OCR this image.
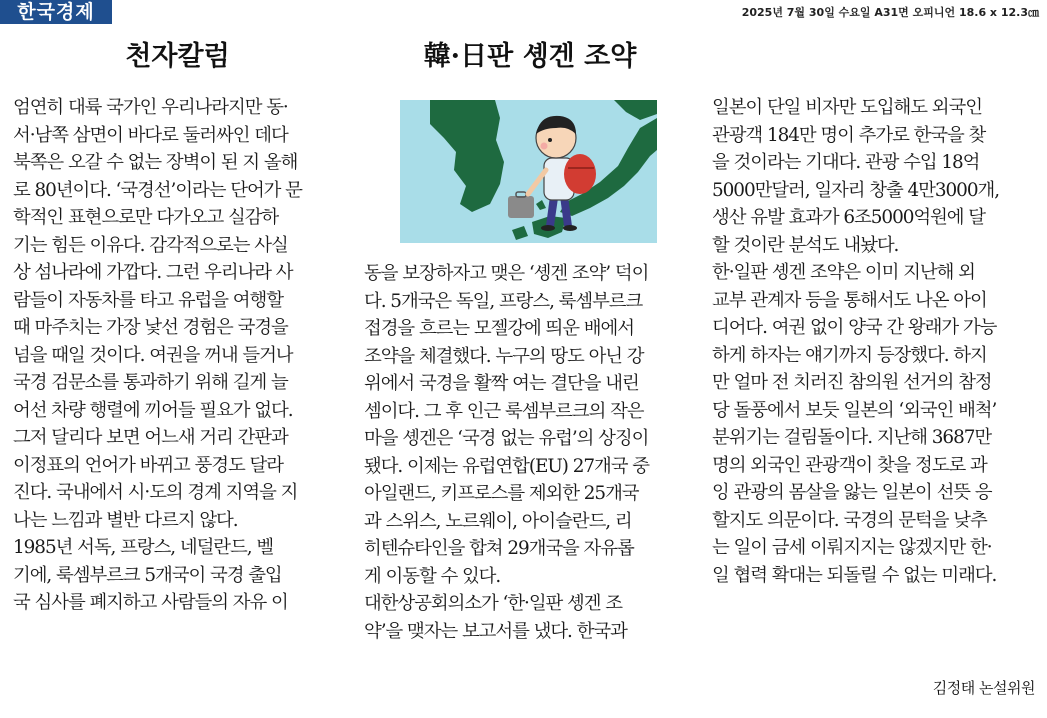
한국경제	2025년 7월 30일 수요일 A31면 오피니언 18.6 x 12.3㎝
천자칼럼	韓·日판 솅겐 조약
엄연히 대륙 국가인 우리나라지만 동·
서·남쪽 삼면이 바다로 둘러싸인 데다
북쪽은 오갈 수 없는 장벽이 된 지 올해
로 80년이다. ‘국경선’이라는 단어가 문
학적인 표현으로만 다가오고 실감하
기는 힘든 이유다. 감각적으로는 사실
상 섬나라에 가깝다. 그런 우리나라 사
람들이 자동차를 타고 유럽을 여행할
때 마주치는 가장 낯선 경험은 국경을
넘을 때일 것이다. 여권을 꺼내 들거나
국경 검문소를 통과하기 위해 길게 늘
어선 차량 행렬에 끼어들 필요가 없다.
그저 달리다 보면 어느새 거리 간판과
이정표의 언어가 바뀌고 풍경도 달라
진다. 국내에서 시·도의 경계 지역을 지
나는 느낌과 별반 다르지 않다.
1985년 서독, 프랑스, 네덜란드, 벨
기에, 룩셈부르크 5개국이 국경 출입
국 심사를 폐지하고 사람들의 자유 이
동을 보장하자고 맺은 ‘솅겐 조약’ 덕이
다. 5개국은 독일, 프랑스, 룩셈부르크
접경을 흐르는 모젤강에 띄운 배에서
조약을 체결했다. 누구의 땅도 아닌 강
위에서 국경을 활짝 여는 결단을 내린
셈이다. 그 후 인근 룩셈부르크의 작은
마을 솅겐은 ‘국경 없는 유럽’의 상징이
됐다. 이제는 유럽연합(EU) 27개국 중
아일랜드, 키프로스를 제외한 25개국
과 스위스, 노르웨이, 아이슬란드, 리
히텐슈타인을 합쳐 29개국을 자유롭
게 이동할 수 있다.
대한상공회의소가 ‘한·일판 솅겐 조
약’을 맺자는 보고서를 냈다. 한국과
일본이 단일 비자만 도입해도 외국인
관광객 184만 명이 추가로 한국을 찾
을 것이라는 기대다. 관광 수입 18억
5000만달러, 일자리 창출 4만3000개,
생산 유발 효과가 6조5000억원에 달
할 것이란 분석도 내놨다.
한·일판 솅겐 조약은 이미 지난해 외
교부 관계자 등을 통해서도 나온 아이
디어다. 여권 없이 양국 간 왕래가 가능
하게 하자는 얘기까지 등장했다. 하지
만 얼마 전 치러진 참의원 선거의 참정
당 돌풍에서 보듯 일본의 ‘외국인 배척’
분위기는 걸림돌이다. 지난해 3687만
명의 외국인 관광객이 찾을 정도로 과
잉 관광의 몸살을 앓는 일본이 선뜻 응
할지도 의문이다. 국경의 문턱을 낮추
는 일이 금세 이뤄지지는 않겠지만 한·
일 협력 확대는 되돌릴 수 없는 미래다.
김정태 논설위원
